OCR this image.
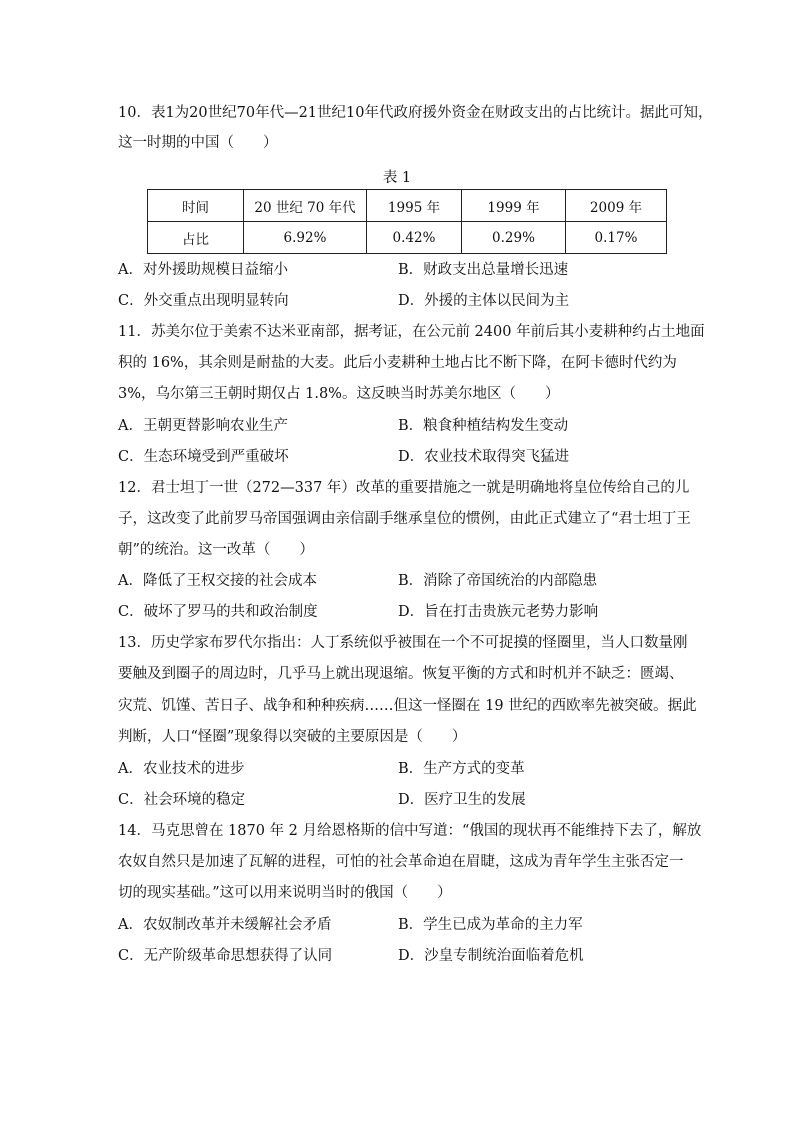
10．表1为20世纪70年代—21世纪10年代政府援外资金在财政支出的占比统计。据此可知，
这一时期的中国（　　）
表 1
时间	20 世纪 70 年代	1995 年	1999 年	2009 年
占比	6.92%	0.42%	0.29%	0.17%
A．对外援助规模日益缩小	B．财政支出总量增长迅速
C．外交重点出现明显转向	D．外援的主体以民间为主
11．苏美尔位于美索不达米亚南部，据考证，在公元前 2400 年前后其小麦耕种约占土地面
积的 16%，其余则是耐盐的大麦。此后小麦耕种土地占比不断下降，在阿卡德时代约为
3%，乌尔第三王朝时期仅占 1.8%。这反映当时苏美尔地区（　　）
A．王朝更替影响农业生产	B．粮食种植结构发生变动
C．生态环境受到严重破坏	D．农业技术取得突飞猛进
12．君士坦丁一世（272—337 年）改革的重要措施之一就是明确地将皇位传给自己的儿
子，这改变了此前罗马帝国强调由亲信副手继承皇位的惯例，由此正式建立了“君士坦丁王
朝”的统治。这一改革（　　）
A．降低了王权交接的社会成本	B．消除了帝国统治的内部隐患
C．破坏了罗马的共和政治制度	D．旨在打击贵族元老势力影响
13．历史学家布罗代尔指出：人丁系统似乎被围在一个不可捉摸的怪圈里，当人口数量刚
要触及到圈子的周边时，几乎马上就出现退缩。恢复平衡的方式和时机并不缺乏：匮竭、
灾荒、饥馑、苦日子、战争和种种疾病……但这一怪圈在 19 世纪的西欧率先被突破。据此
判断，人口“怪圈”现象得以突破的主要原因是（　　）
A．农业技术的进步	B．生产方式的变革
C．社会环境的稳定	D．医疗卫生的发展
14．马克思曾在 1870 年 2 月给恩格斯的信中写道：“俄国的现状再不能维持下去了，解放
农奴自然只是加速了瓦解的进程，可怕的社会革命迫在眉睫，这成为青年学生主张否定一
切的现实基础。”这可以用来说明当时的俄国（　　）
A．农奴制改革并未缓解社会矛盾	B．学生已成为革命的主力军
C．无产阶级革命思想获得了认同	D．沙皇专制统治面临着危机
